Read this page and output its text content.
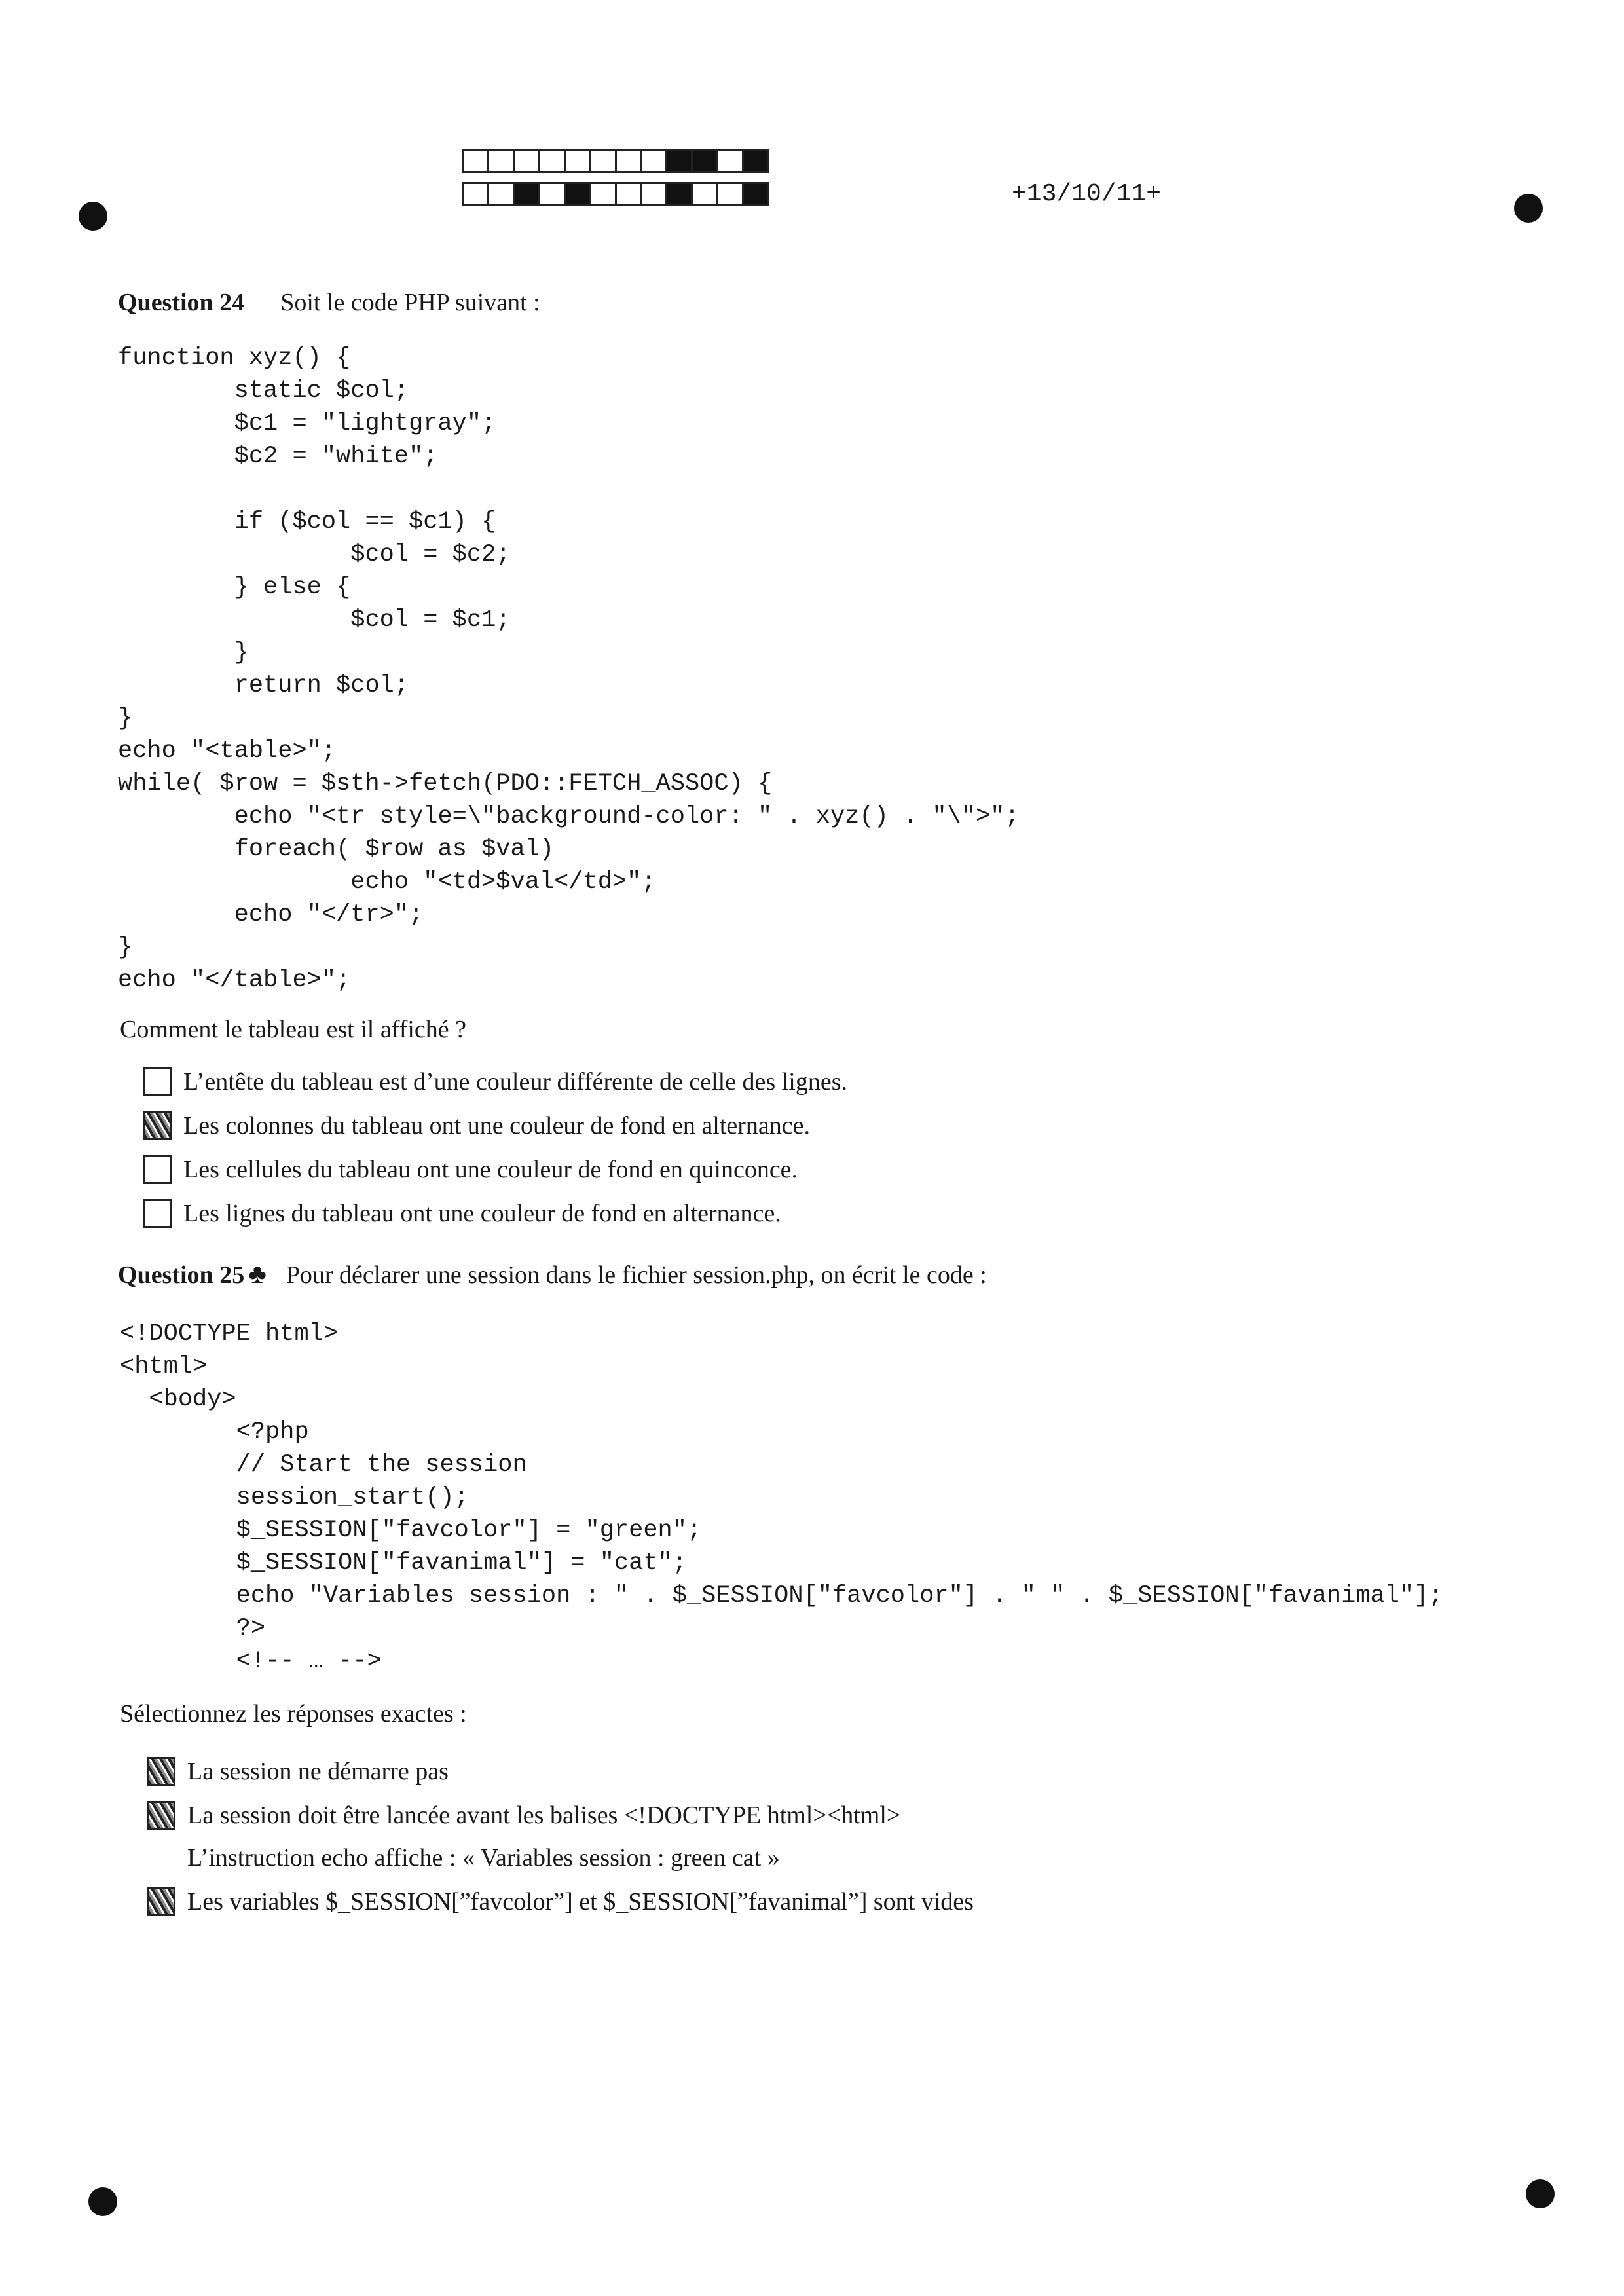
+13/10/11+
Question 24 Soit le code PHP suivant :
function xyz() {
static $col;
$c1 = "lightgray";
$c2 = "white";

if ($col == $c1) {
$col = $c2;
} else {
$col = $c1;
}
return $col;
}
echo "<table>";
while( $row = $sth->fetch(PDO::FETCH_ASSOC) {
echo "<tr style=\"background-color: " . xyz() . "\">";
foreach( $row as $val)
echo "<td>$val</td>";
echo "</tr>";
}
echo "</table>";
Comment le tableau est il affiché ?
L’entête du tableau est d’une couleur différente de celle des lignes.
Les colonnes du tableau ont une couleur de fond en alternance.
Les cellules du tableau ont une couleur de fond en quinconce.
Les lignes du tableau ont une couleur de fond en alternance.
Question 25 ♣ Pour déclarer une session dans le fichier session.php, on écrit le code :
<!DOCTYPE html>
<html>
<body>
<?php
// Start the session
session_start();
$_SESSION["favcolor"] = "green";
$_SESSION["favanimal"] = "cat";
echo "Variables session : " . $_SESSION["favcolor"] . " " . $_SESSION["favanimal"];
?>
<!-- … -->
Sélectionnez les réponses exactes :
La session ne démarre pas
La session doit être lancée avant les balises <!DOCTYPE html><html>
L’instruction echo affiche : « Variables session : green cat »
Les variables $_SESSION[”favcolor”] et $_SESSION[”favanimal”] sont vides
